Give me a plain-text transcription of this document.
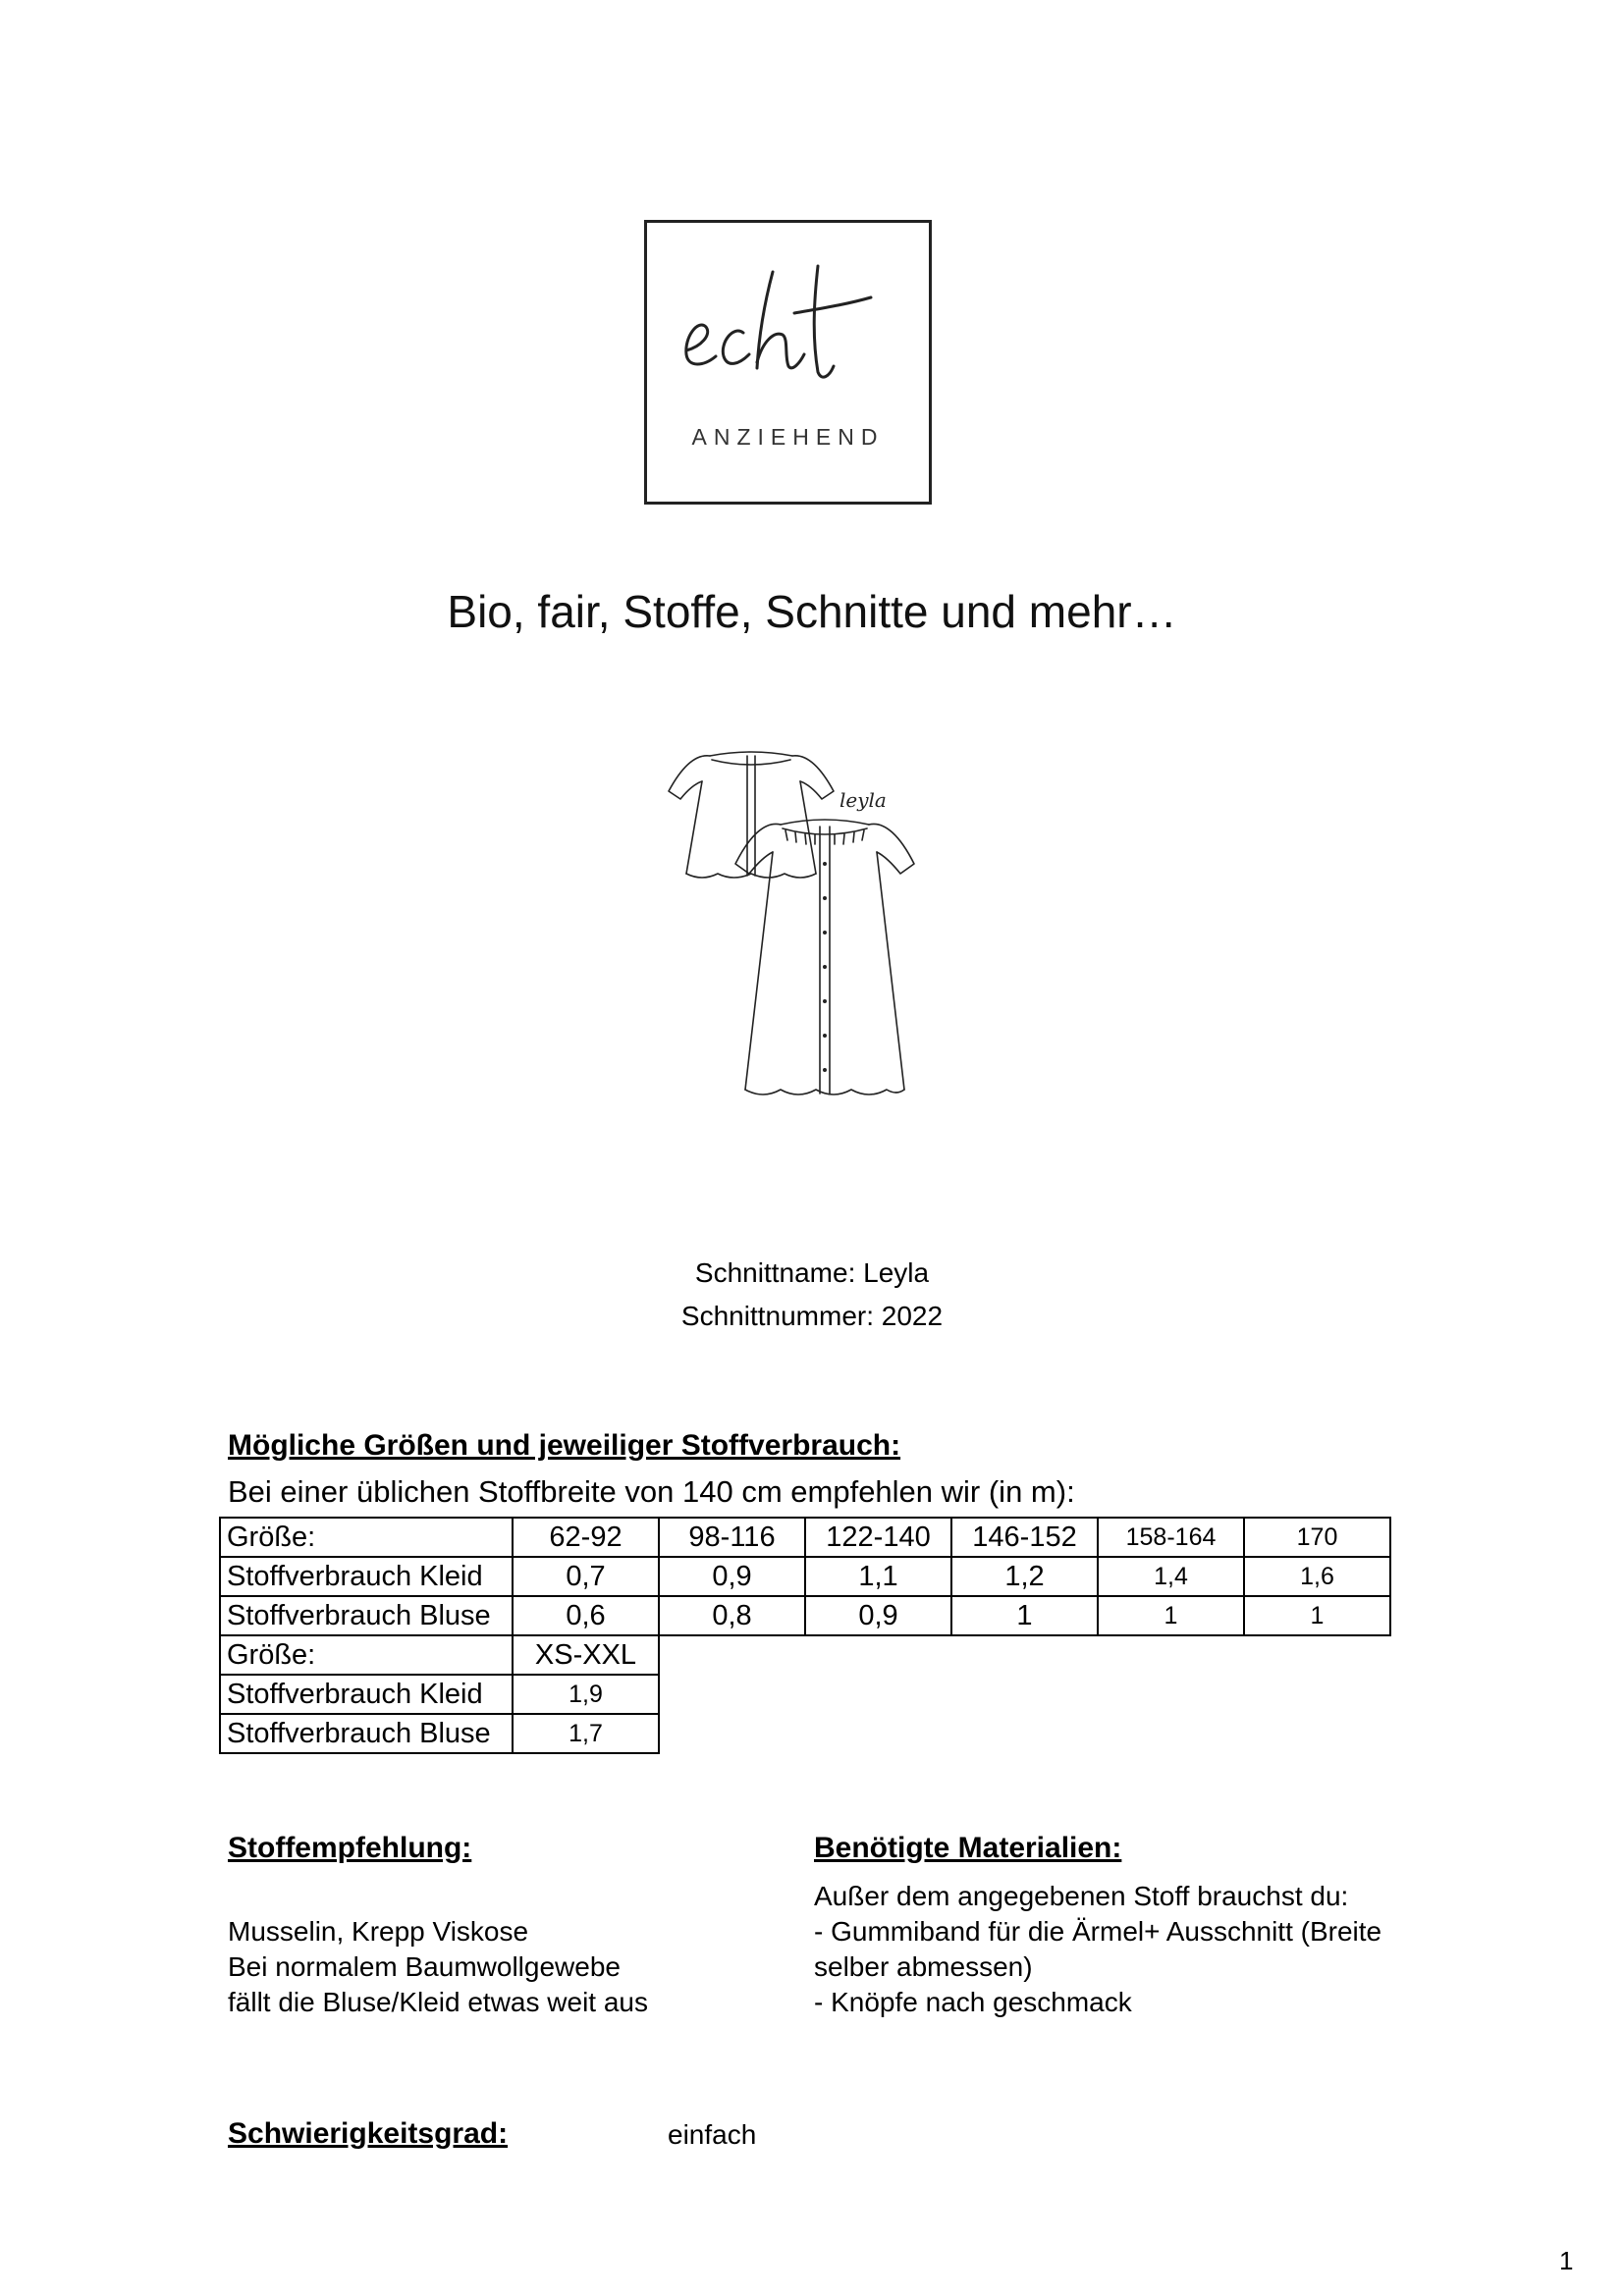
ANZIEHEND
Bio, fair, Stoffe, Schnitte und mehr…
leyla
Schnittname: Leyla
Schnittnummer: 2022
Mögliche Größen und jeweiliger Stoffverbrauch:
Bei einer üblichen Stoffbreite von 140 cm empfehlen wir (in m):
Größe:	62-92	98-116	122-140	146-152	158-164	170
Stoffverbrauch Kleid	0,7	0,9	1,1	1,2	1,4	1,6
Stoffverbrauch Bluse	0,6	0,8	0,9	1	1	1
Größe:	XS-XXL					
Stoffverbrauch Kleid	1,9					
Stoffverbrauch Bluse	1,7					
Stoffempfehlung:
Musselin, Krepp Viskose
Bei normalem Baumwollgewebe
fällt die Bluse/Kleid etwas weit aus
Benötigte Materialien:
Außer dem angegebenen Stoff brauchst du:
- Gummiband für die Ärmel+ Ausschnitt (Breite
selber abmessen)
- Knöpfe nach geschmack
Schwierigkeitsgrad:	einfach
1
